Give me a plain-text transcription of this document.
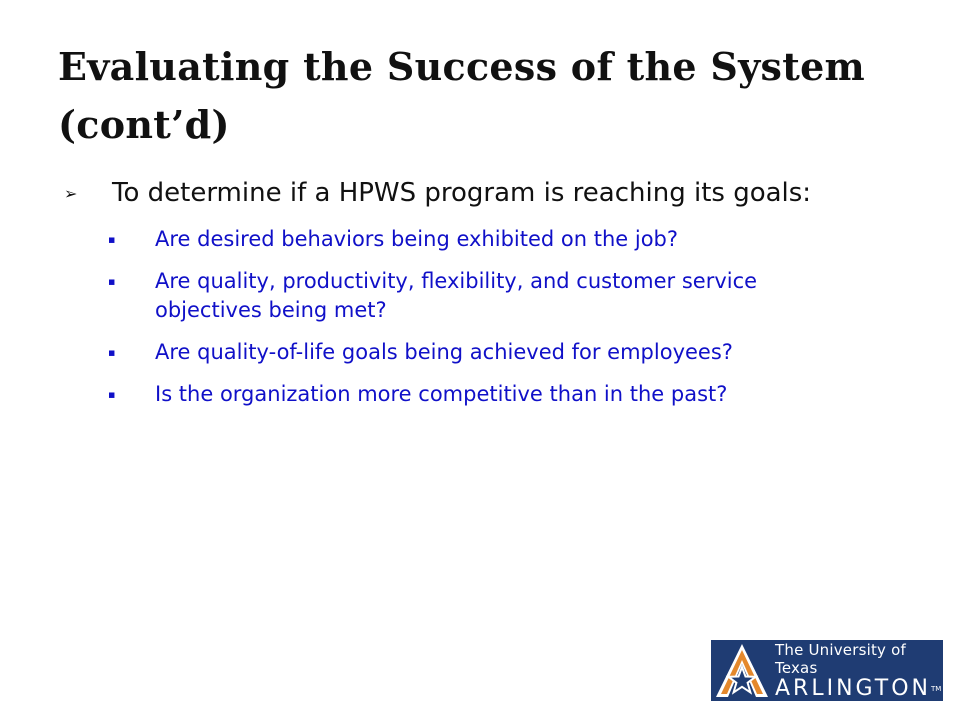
Evaluating the Success of the System (cont’d)
➢	To determine if a HPWS program is reaching its goals:
▪	Are desired behaviors being exhibited on the job?
▪	Are quality, productivity, flexibility, and customer service objectives being met?
▪	Are quality-of-life goals being achieved for employees?
▪	Is the organization more competitive than in the past?
The University of Texas
ARLINGTON™
